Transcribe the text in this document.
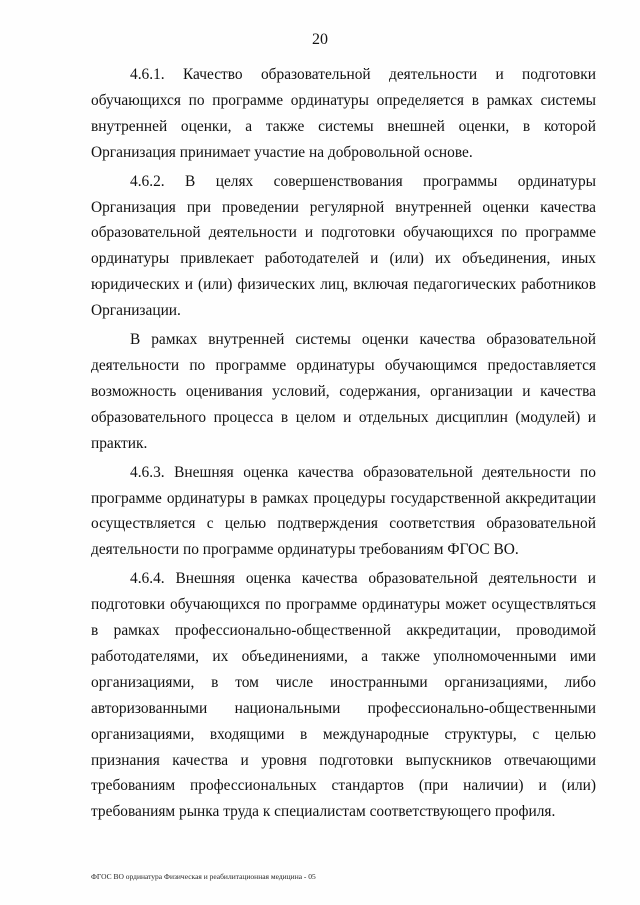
20

4.6.1. Качество образовательной деятельности и подготовки обучающихся по программе ординатуры определяется в рамках системы внутренней оценки, а также системы внешней оценки, в которой Организация принимает участие на добровольной основе.

4.6.2. В целях совершенствования программы ординатуры Организация при проведении регулярной внутренней оценки качества образовательной деятельности и подготовки обучающихся по программе ординатуры привлекает работодателей и (или) их объединения, иных юридических и (или) физических лиц, включая педагогических работников Организации.

В рамках внутренней системы оценки качества образовательной деятельности по программе ординатуры обучающимся предоставляется возможность оценивания условий, содержания, организации и качества образовательного процесса в целом и отдельных дисциплин (модулей) и практик.

4.6.3. Внешняя оценка качества образовательной деятельности по программе ординатуры в рамках процедуры государственной аккредитации осуществляется с целью подтверждения соответствия образовательной деятельности по программе ординатуры требованиям ФГОС ВО.

4.6.4. Внешняя оценка качества образовательной деятельности и подготовки обучающихся по программе ординатуры может осуществляться в рамках профессионально-общественной аккредитации, проводимой работодателями, их объединениями, а также уполномоченными ими организациями, в том числе иностранными организациями, либо авторизованными национальными профессионально-общественными организациями, входящими в международные структуры, с целью признания качества и уровня подготовки выпускников отвечающими требованиям профессиональных стандартов (при наличии) и (или) требованиям рынка труда к специалистам соответствующего профиля.

ФГОС ВО ординатура Физическая и реабилитационная медицина - 05
